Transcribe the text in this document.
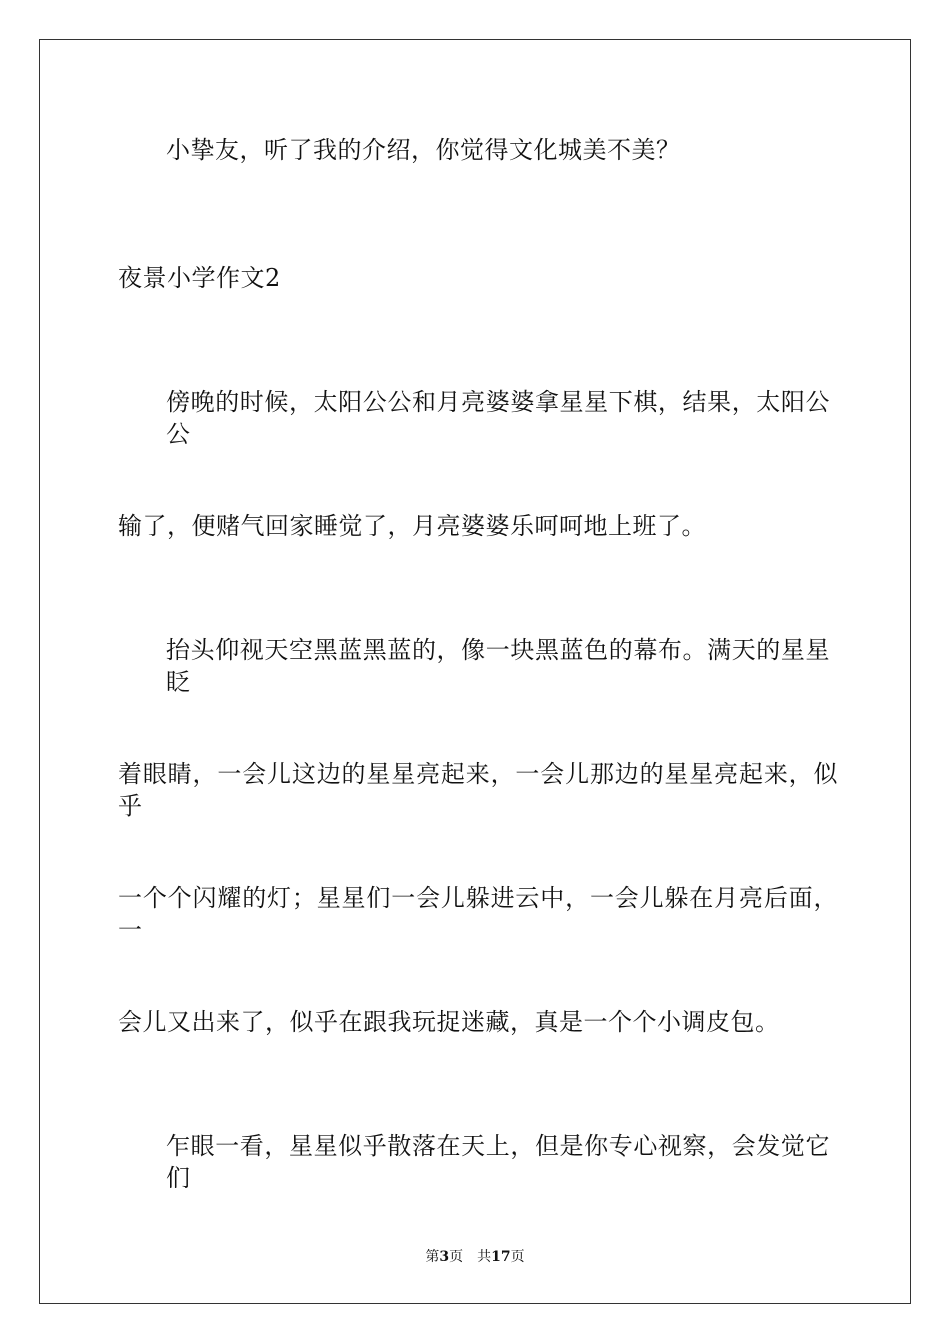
小挚友，听了我的介绍，你觉得文化城美不美？
夜景小学作文2
傍晚的时候，太阳公公和月亮婆婆拿星星下棋，结果，太阳公公
输了，便赌气回家睡觉了，月亮婆婆乐呵呵地上班了。
抬头仰视天空黑蓝黑蓝的，像一块黑蓝色的幕布。满天的星星眨
着眼睛，一会儿这边的星星亮起来，一会儿那边的星星亮起来，似乎
一个个闪耀的灯；星星们一会儿躲进云中，一会儿躲在月亮后面，一
会儿又出来了，似乎在跟我玩捉迷藏，真是一个个小调皮包。
乍眼一看，星星似乎散落在天上，但是你专心视察，会发觉它们
第3页 共17页
